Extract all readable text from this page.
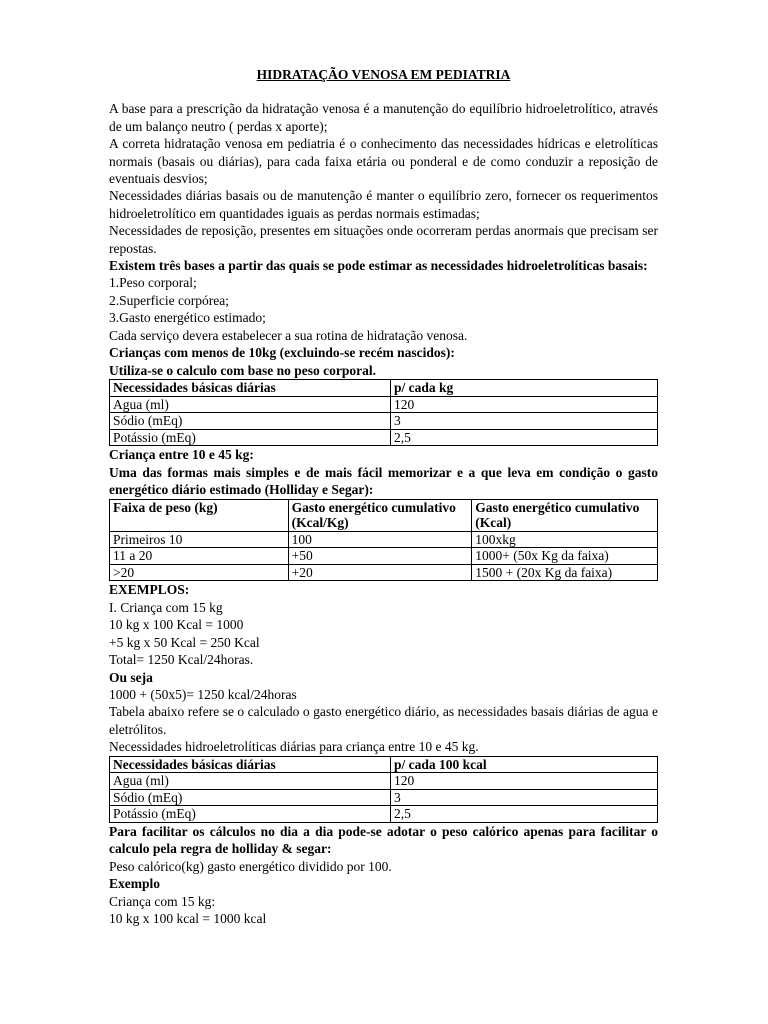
HIDRATAÇÃO VENOSA EM PEDIATRIA

A base para a prescrição da hidratação venosa é a manutenção do equilíbrio hidroeletrolítico, através de um balanço neutro ( perdas x aporte);

A correta hidratação venosa em pediatria é o conhecimento das necessidades hídricas e eletrolíticas normais (basais ou diárias), para cada faixa etária ou ponderal e de como conduzir a reposição de eventuais desvios;

Necessidades diárias basais ou de manutenção é manter o equilíbrio zero, fornecer os requerimentos hidroeletrolítico em quantidades iguais as perdas normais estimadas;

Necessidades de reposição, presentes em situações onde ocorreram perdas anormais que precisam ser repostas.

Existem três bases a partir das quais se pode estimar as necessidades hidroeletrolíticas basais:

1.Peso corporal;

2.Superficie corpórea;

3.Gasto energético estimado;

Cada serviço devera estabelecer a sua rotina de hidratação venosa.

Crianças com menos de 10kg (excluindo-se recém nascidos):

Utiliza-se o calculo com base no peso corporal.

Necessidades básicas diárias	p/ cada kg
Agua (ml)	120
Sódio (mEq)	3
Potássio (mEq)	2,5

Criança entre 10 e 45 kg:

Uma das formas mais simples e de mais fácil memorizar e a que leva em condição o gasto energético diário estimado (Holliday e Segar):

Faixa de peso (kg)	Gasto energético cumulativo (Kcal/Kg)	Gasto energético cumulativo (Kcal)
Primeiros 10	100	100xkg
11 a 20	+50	1000+ (50x Kg da faixa)
>20	+20	1500 + (20x Kg da faixa)

EXEMPLOS:

I. Criança com 15 kg

10 kg x 100 Kcal = 1000

+5 kg x 50 Kcal = 250 Kcal

Total= 1250 Kcal/24horas.

Ou seja

1000 + (50x5)= 1250 kcal/24horas

Tabela abaixo refere se o calculado o gasto energético diário, as necessidades basais diárias de agua e eletrólitos.

Necessidades hidroeletrolíticas diárias para criança entre 10 e 45 kg.

Necessidades básicas diárias	p/ cada 100 kcal
Agua (ml)	120
Sódio (mEq)	3
Potássio (mEq)	2,5

Para facilitar os cálculos no dia a dia pode-se adotar o peso calórico apenas para facilitar o calculo pela regra de holliday & segar:

Peso calórico(kg) gasto energético dividido por 100.

Exemplo

Criança com 15 kg:

10 kg x 100 kcal = 1000 kcal
